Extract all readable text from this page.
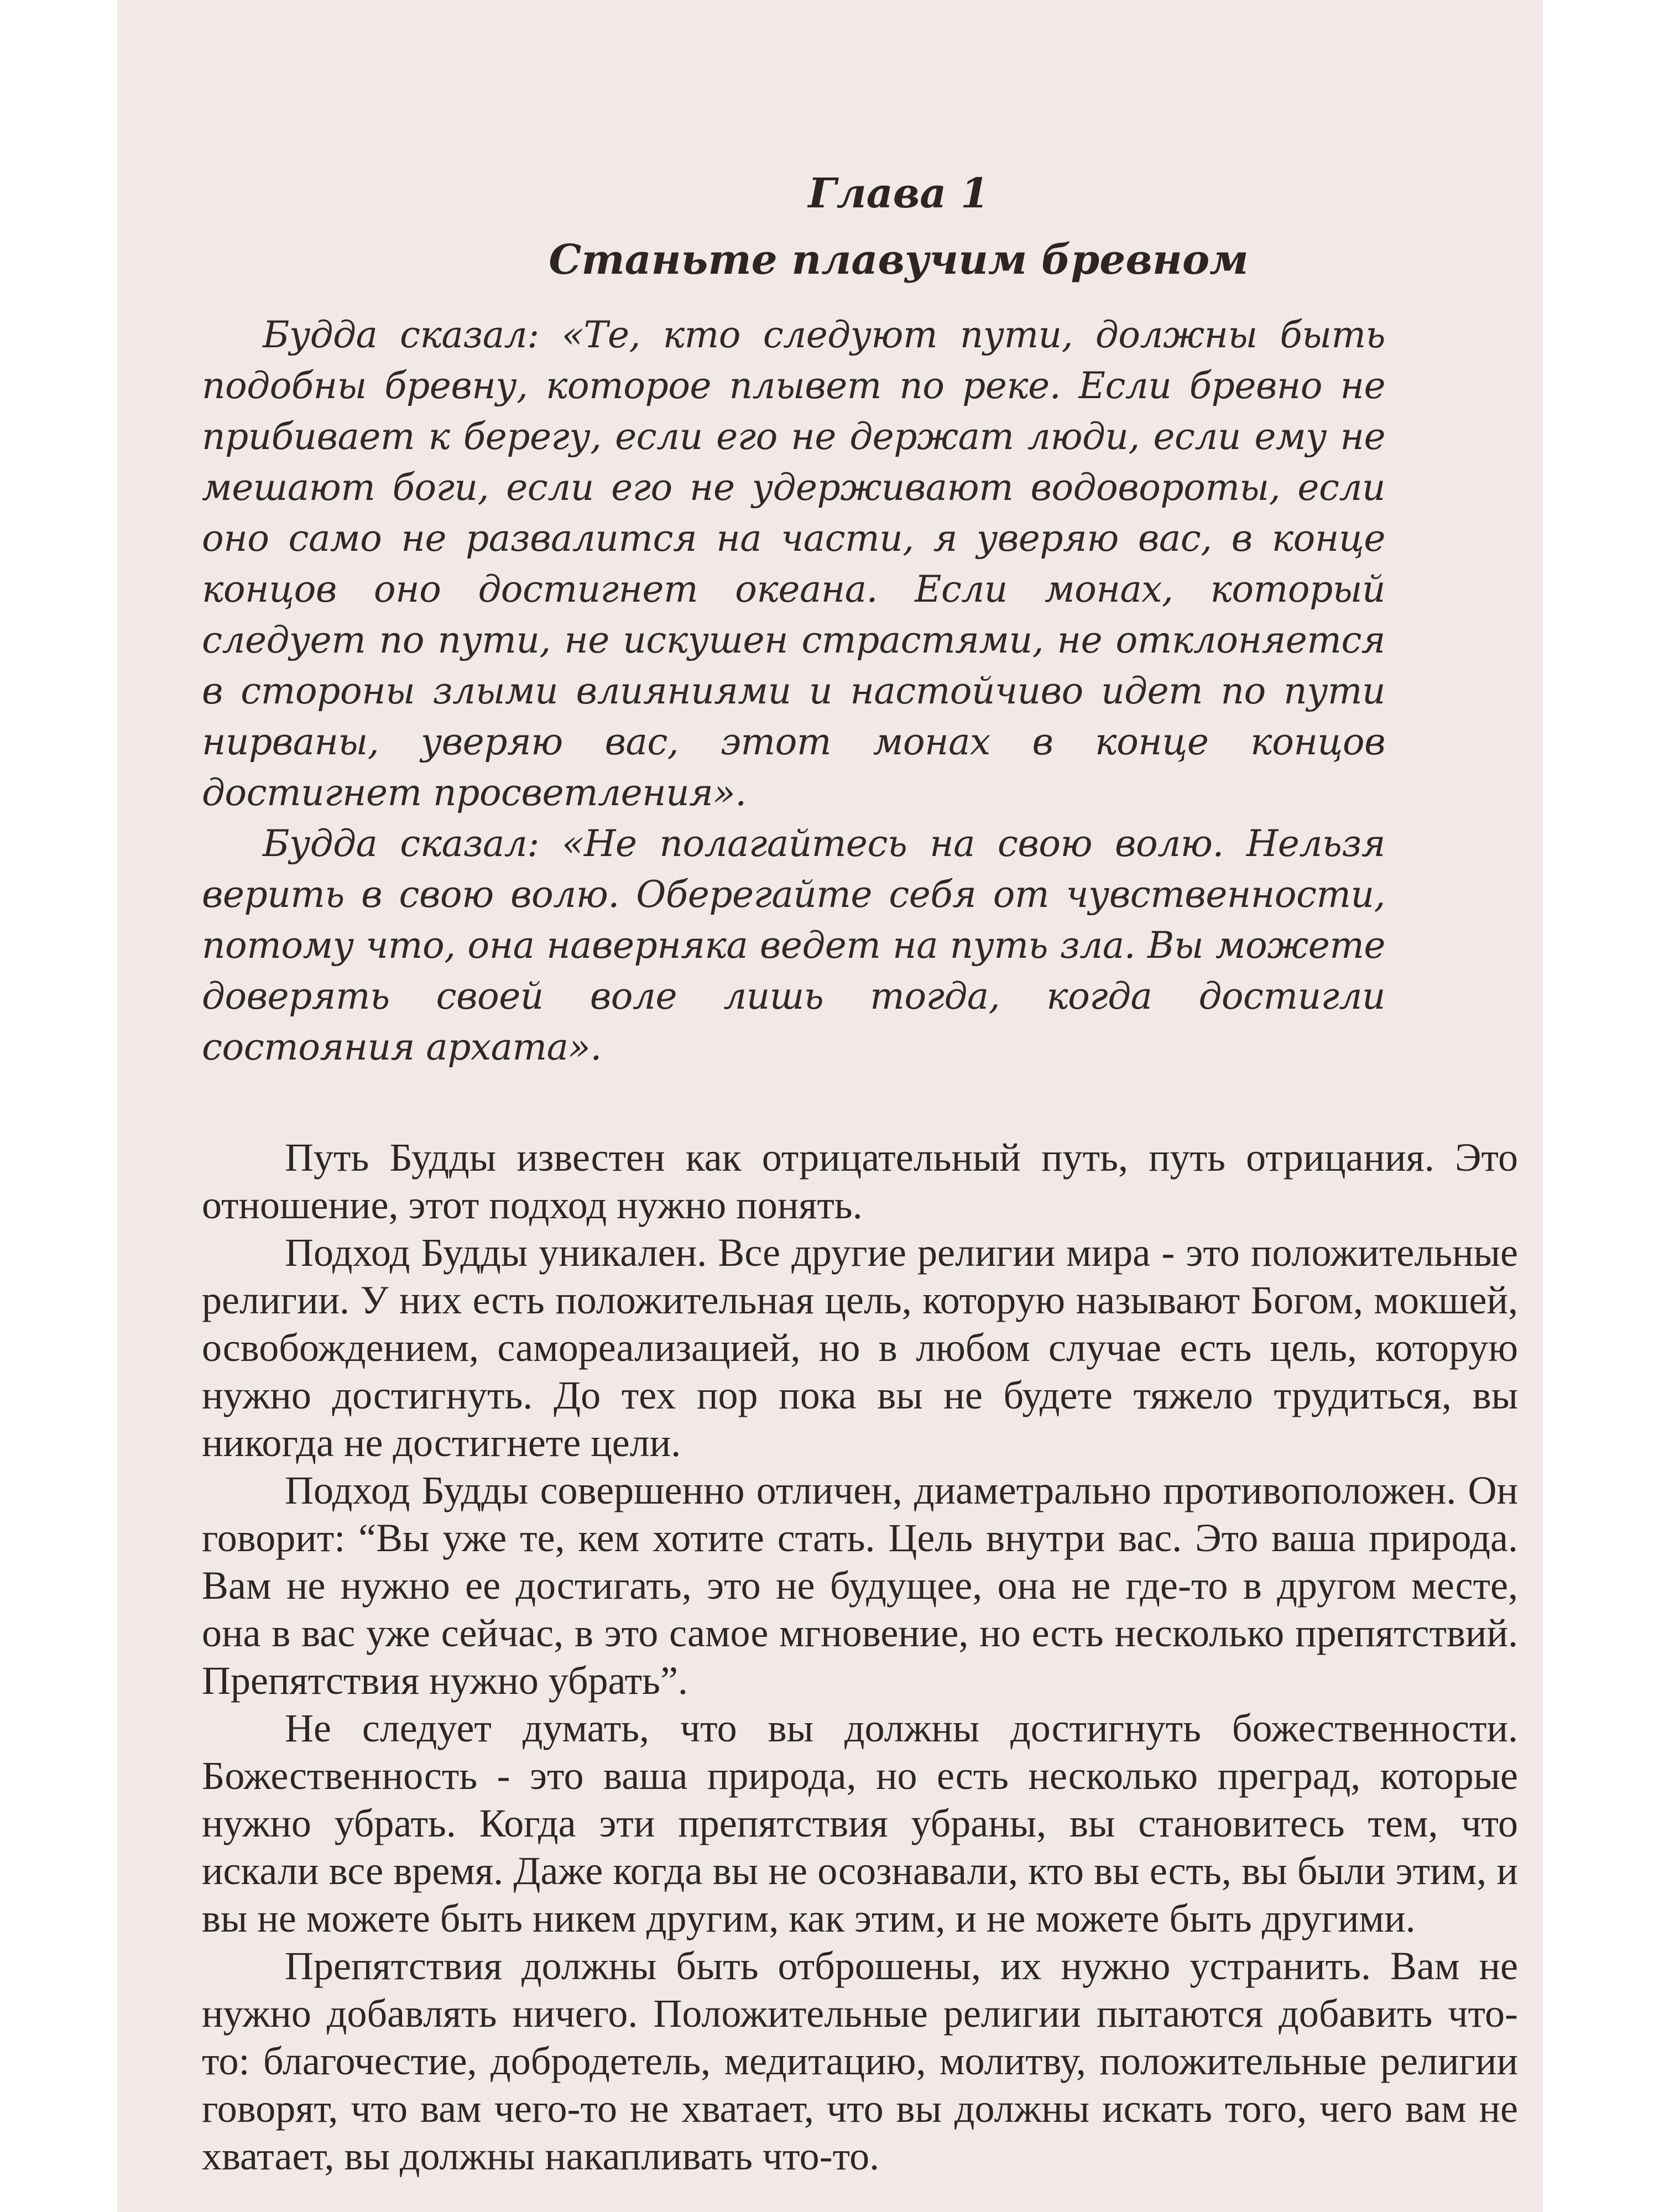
Глава 1
Станьте плавучим бревном

Будда сказал: «Те, кто следуют пути, должны быть подобны бревну, которое плывет по реке. Если бревно не прибивает к берегу, если его не держат люди, если ему не мешают боги, если его не удерживают водовороты, если оно само не развалится на части, я уверяю вас, в конце концов оно достигнет океана. Если монах, который следует по пути, не искушен страстями, не отклоняется в стороны злыми влияниями и настойчиво идет по пути нирваны, уверяю вас, этот монах в конце концов достигнет просветления».

Будда сказал: «Не полагайтесь на свою волю. Нельзя верить в свою волю. Оберегайте себя от чувственности, потому что, она наверняка ведет на путь зла. Вы можете доверять своей воле лишь тогда, когда достигли состояния архата».

Путь Будды известен как отрицательный путь, путь отрицания. Это отношение, этот подход нужно понять.

Подход Будды уникален. Все другие религии мира - это положительные религии. У них есть положительная цель, которую называют Богом, мокшей, освобождением, самореализацией, но в любом случае есть цель, которую нужно достигнуть. До тех пор пока вы не будете тяжело трудиться, вы никогда не достигнете цели.

Подход Будды совершенно отличен, диаметрально противоположен. Он говорит: “Вы уже те, кем хотите стать. Цель внутри вас. Это ваша природа. Вам не нужно ее достигать, это не будущее, она не где-то в другом месте, она в вас уже сейчас, в это самое мгновение, но есть несколько препятствий. Препятствия нужно убрать”.

Не следует думать, что вы должны достигнуть божественности. Божественность - это ваша природа, но есть несколько преград, которые нужно убрать. Когда эти препятствия убраны, вы становитесь тем, что искали все время. Даже когда вы не осознавали, кто вы есть, вы были этим, и вы не можете быть никем другим, как этим, и не можете быть другими.

Препятствия должны быть отброшены, их нужно устранить. Вам не нужно добавлять ничего. Положительные религии пытаются добавить что-то: благочестие, добродетель, медитацию, молитву, положительные религии говорят, что вам чего-то не хватает, что вы должны искать того, чего вам не хватает, вы должны накапливать что-то.
